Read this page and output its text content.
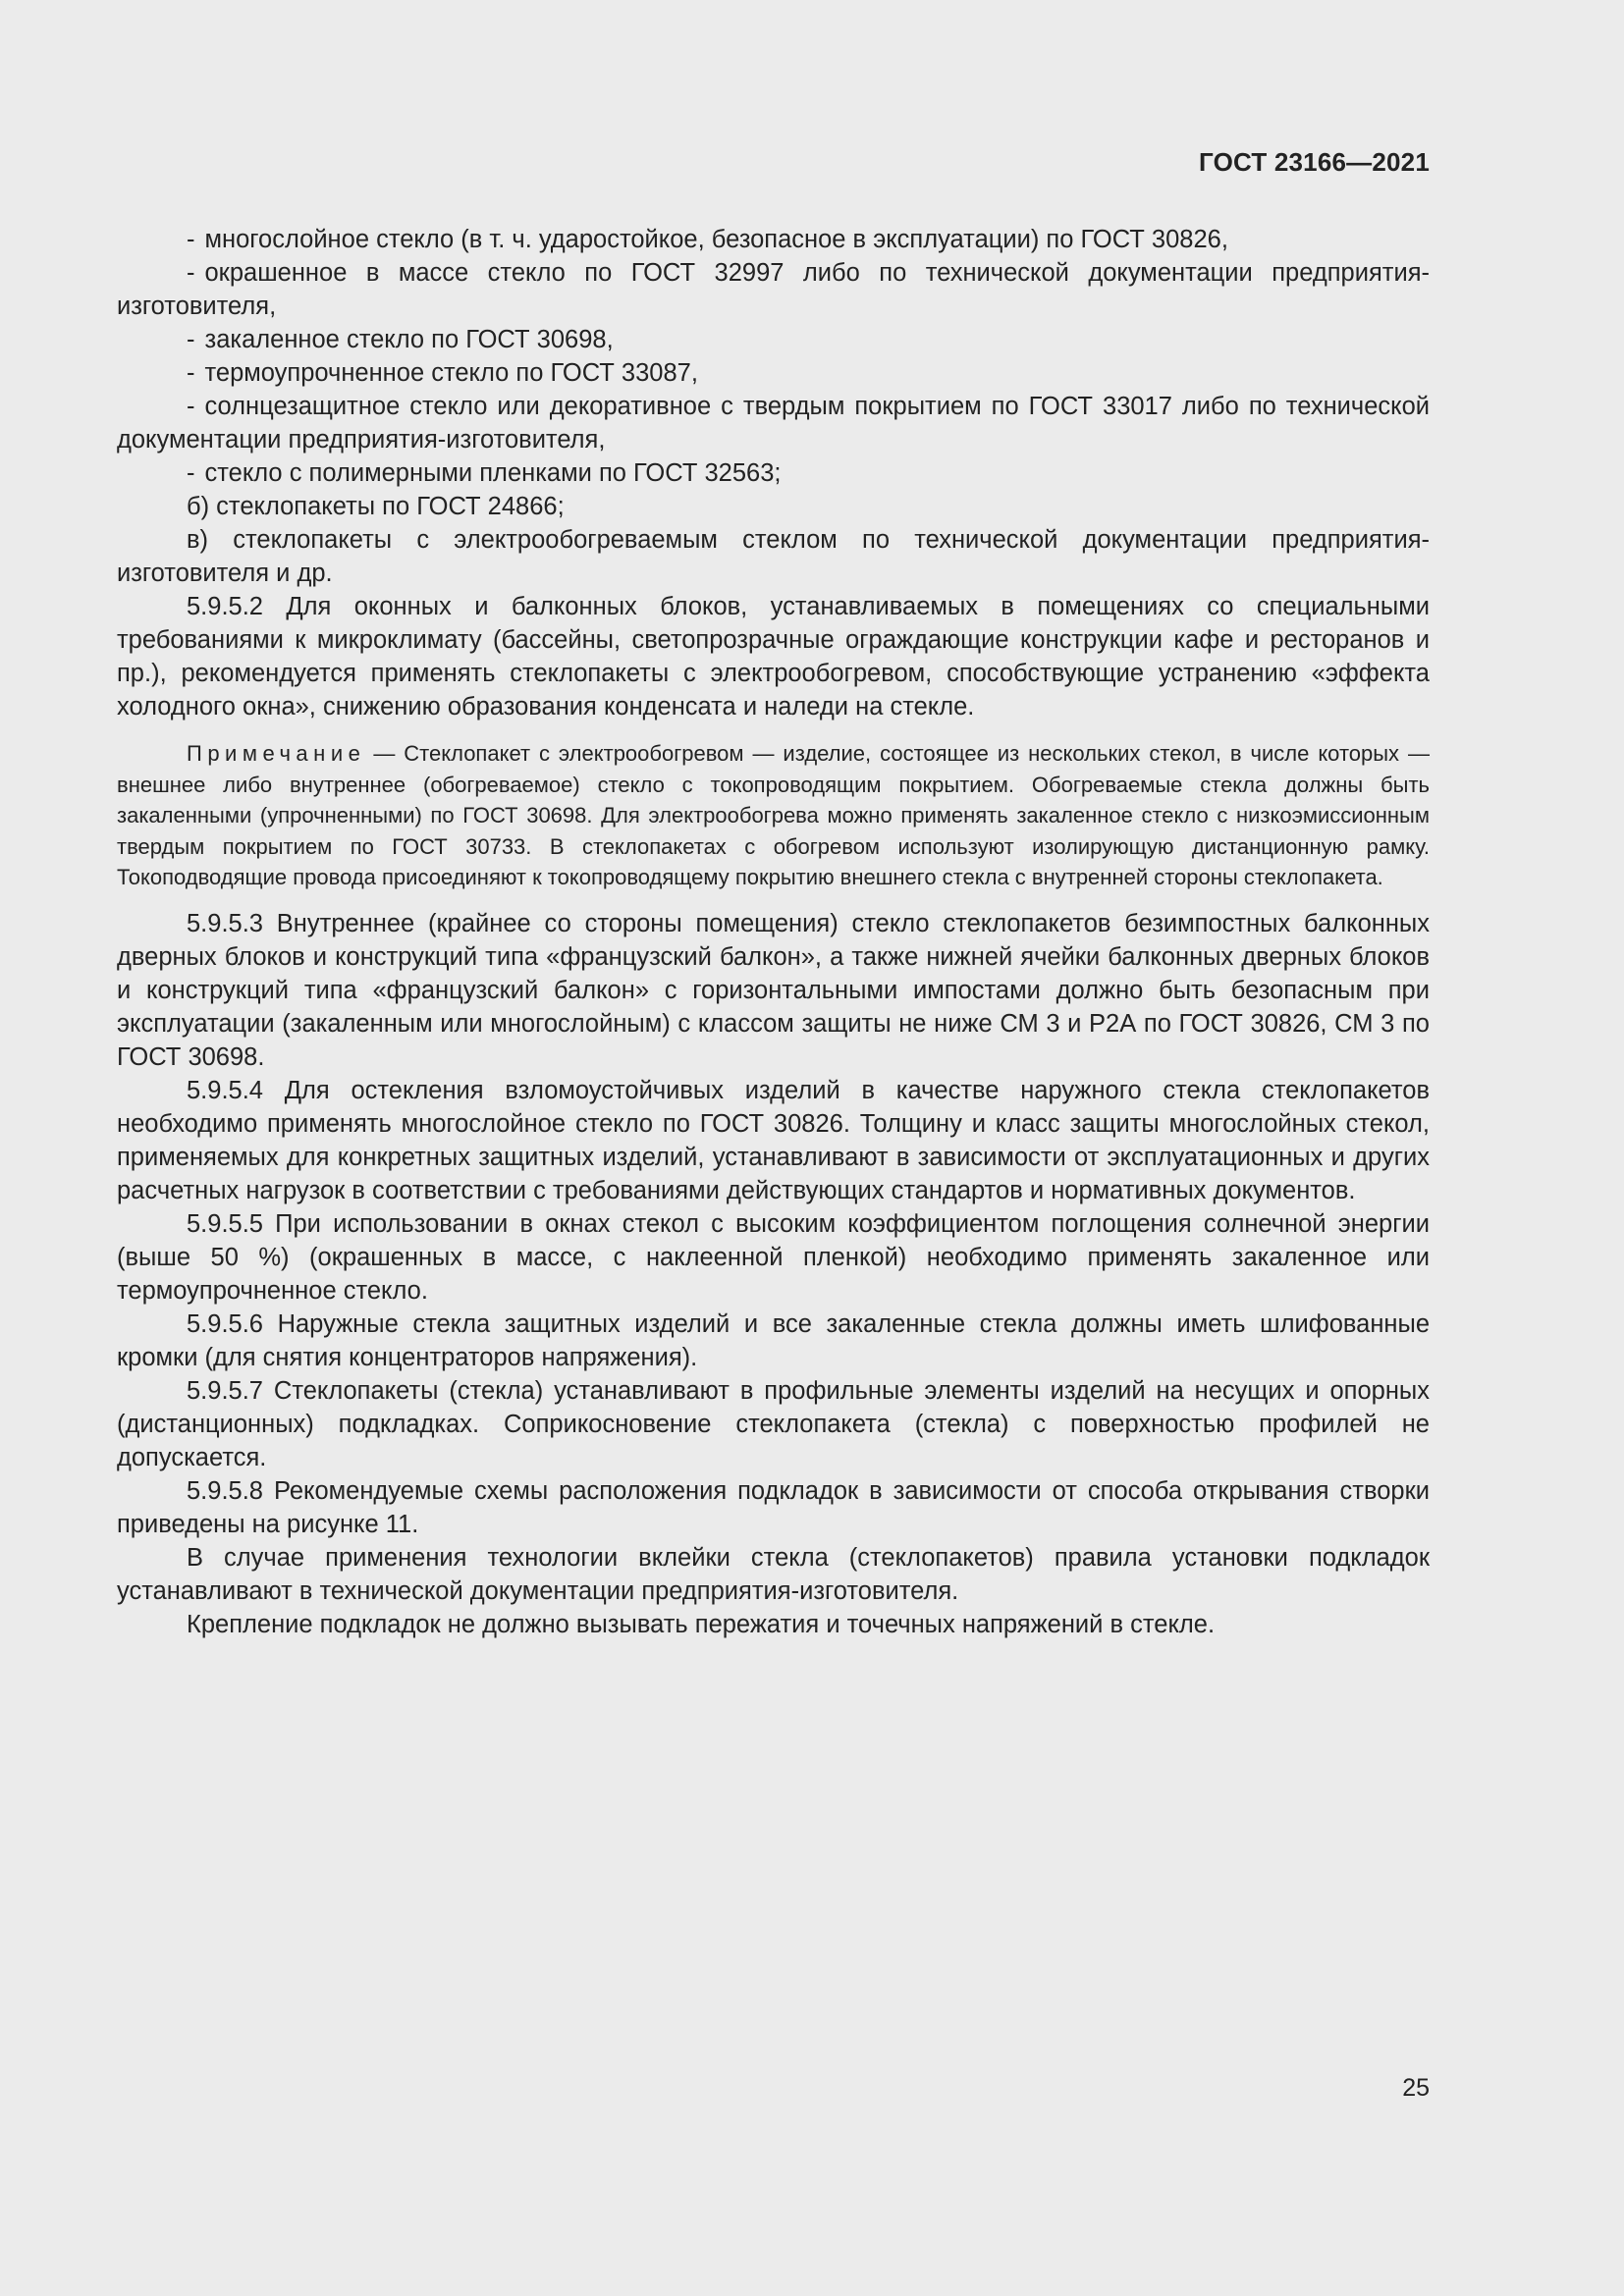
ГОСТ 23166—2021

- многослойное стекло (в т. ч. ударостойкое, безопасное в эксплуатации) по ГОСТ 30826,

- окрашенное в массе стекло по ГОСТ 32997 либо по технической документации предприятия-изготовителя,

- закаленное стекло по ГОСТ 30698,

- термоупрочненное стекло по ГОСТ 33087,

- солнцезащитное стекло или декоративное с твердым покрытием по ГОСТ 33017 либо по технической документации предприятия-изготовителя,

- стекло с полимерными пленками по ГОСТ 32563;

б) стеклопакеты по ГОСТ 24866;

в) стеклопакеты с электрообогреваемым стеклом по технической документации предприятия-изготовителя и др.

5.9.5.2 Для оконных и балконных блоков, устанавливаемых в помещениях со специальными требованиями к микроклимату (бассейны, светопрозрачные ограждающие конструкции кафе и ресторанов и пр.), рекомендуется применять стеклопакеты с электрообогревом, способствующие устранению «эффекта холодного окна», снижению образования конденсата и наледи на стекле.

Примечание — Стеклопакет с электрообогревом — изделие, состоящее из нескольких стекол, в числе которых — внешнее либо внутреннее (обогреваемое) стекло с токопроводящим покрытием. Обогреваемые стекла должны быть закаленными (упрочненными) по ГОСТ 30698. Для электрообогрева можно применять закаленное стекло с низкоэмиссионным твердым покрытием по ГОСТ 30733. В стеклопакетах с обогревом используют изолирующую дистанционную рамку. Токоподводящие провода присоединяют к токопроводящему покрытию внешнего стекла с внутренней стороны стеклопакета.

5.9.5.3 Внутреннее (крайнее со стороны помещения) стекло стеклопакетов безимпостных балконных дверных блоков и конструкций типа «французский балкон», а также нижней ячейки балконных дверных блоков и конструкций типа «французский балкон» с горизонтальными импостами должно быть безопасным при эксплуатации (закаленным или многослойным) с классом защиты не ниже СМ 3 и Р2А по ГОСТ 30826, СМ 3 по ГОСТ 30698.

5.9.5.4 Для остекления взломоустойчивых изделий в качестве наружного стекла стеклопакетов необходимо применять многослойное стекло по ГОСТ 30826. Толщину и класс защиты многослойных стекол, применяемых для конкретных защитных изделий, устанавливают в зависимости от эксплуатационных и других расчетных нагрузок в соответствии с требованиями действующих стандартов и нормативных документов.

5.9.5.5 При использовании в окнах стекол с высоким коэффициентом поглощения солнечной энергии (выше 50 %) (окрашенных в массе, с наклеенной пленкой) необходимо применять закаленное или термоупрочненное стекло.

5.9.5.6 Наружные стекла защитных изделий и все закаленные стекла должны иметь шлифованные кромки (для снятия концентраторов напряжения).

5.9.5.7 Стеклопакеты (стекла) устанавливают в профильные элементы изделий на несущих и опорных (дистанционных) подкладках. Соприкосновение стеклопакета (стекла) с поверхностью профилей не допускается.

5.9.5.8 Рекомендуемые схемы расположения подкладок в зависимости от способа открывания створки приведены на рисунке 11.

В случае применения технологии вклейки стекла (стеклопакетов) правила установки подкладок устанавливают в технической документации предприятия-изготовителя.

Крепление подкладок не должно вызывать пережатия и точечных напряжений в стекле.

25
